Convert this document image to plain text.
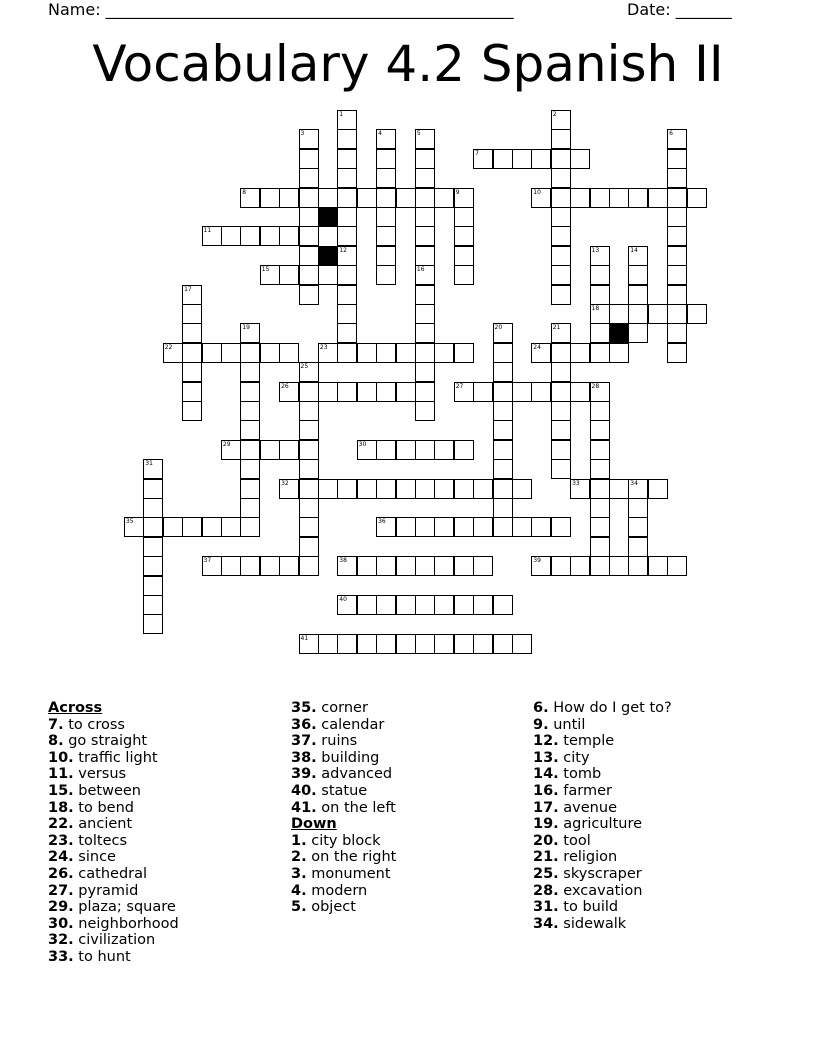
Name: ___________________________________________________	Date: _______
Vocabulary 4.2 Spanish II
1	2
3	4	5	6
7
8	9	10
11
12	13	14
15	16
17
18
19	20	21
22	23	24
25
26	27	28
29	30
31
32	33	34
35	36
37	38	39
40
41
Across
7. to cross
8. go straight
10. traffic light
11. versus
15. between
18. to bend
22. ancient
23. toltecs
24. since
26. cathedral
27. pyramid
29. plaza; square
30. neighborhood
32. civilization
33. to hunt
35. corner
36. calendar
37. ruins
38. building
39. advanced
40. statue
41. on the left
Down
1. city block
2. on the right
3. monument
4. modern
5. object
6. How do I get to?
9. until
12. temple
13. city
14. tomb
16. farmer
17. avenue
19. agriculture
20. tool
21. religion
25. skyscraper
28. excavation
31. to build
34. sidewalk
